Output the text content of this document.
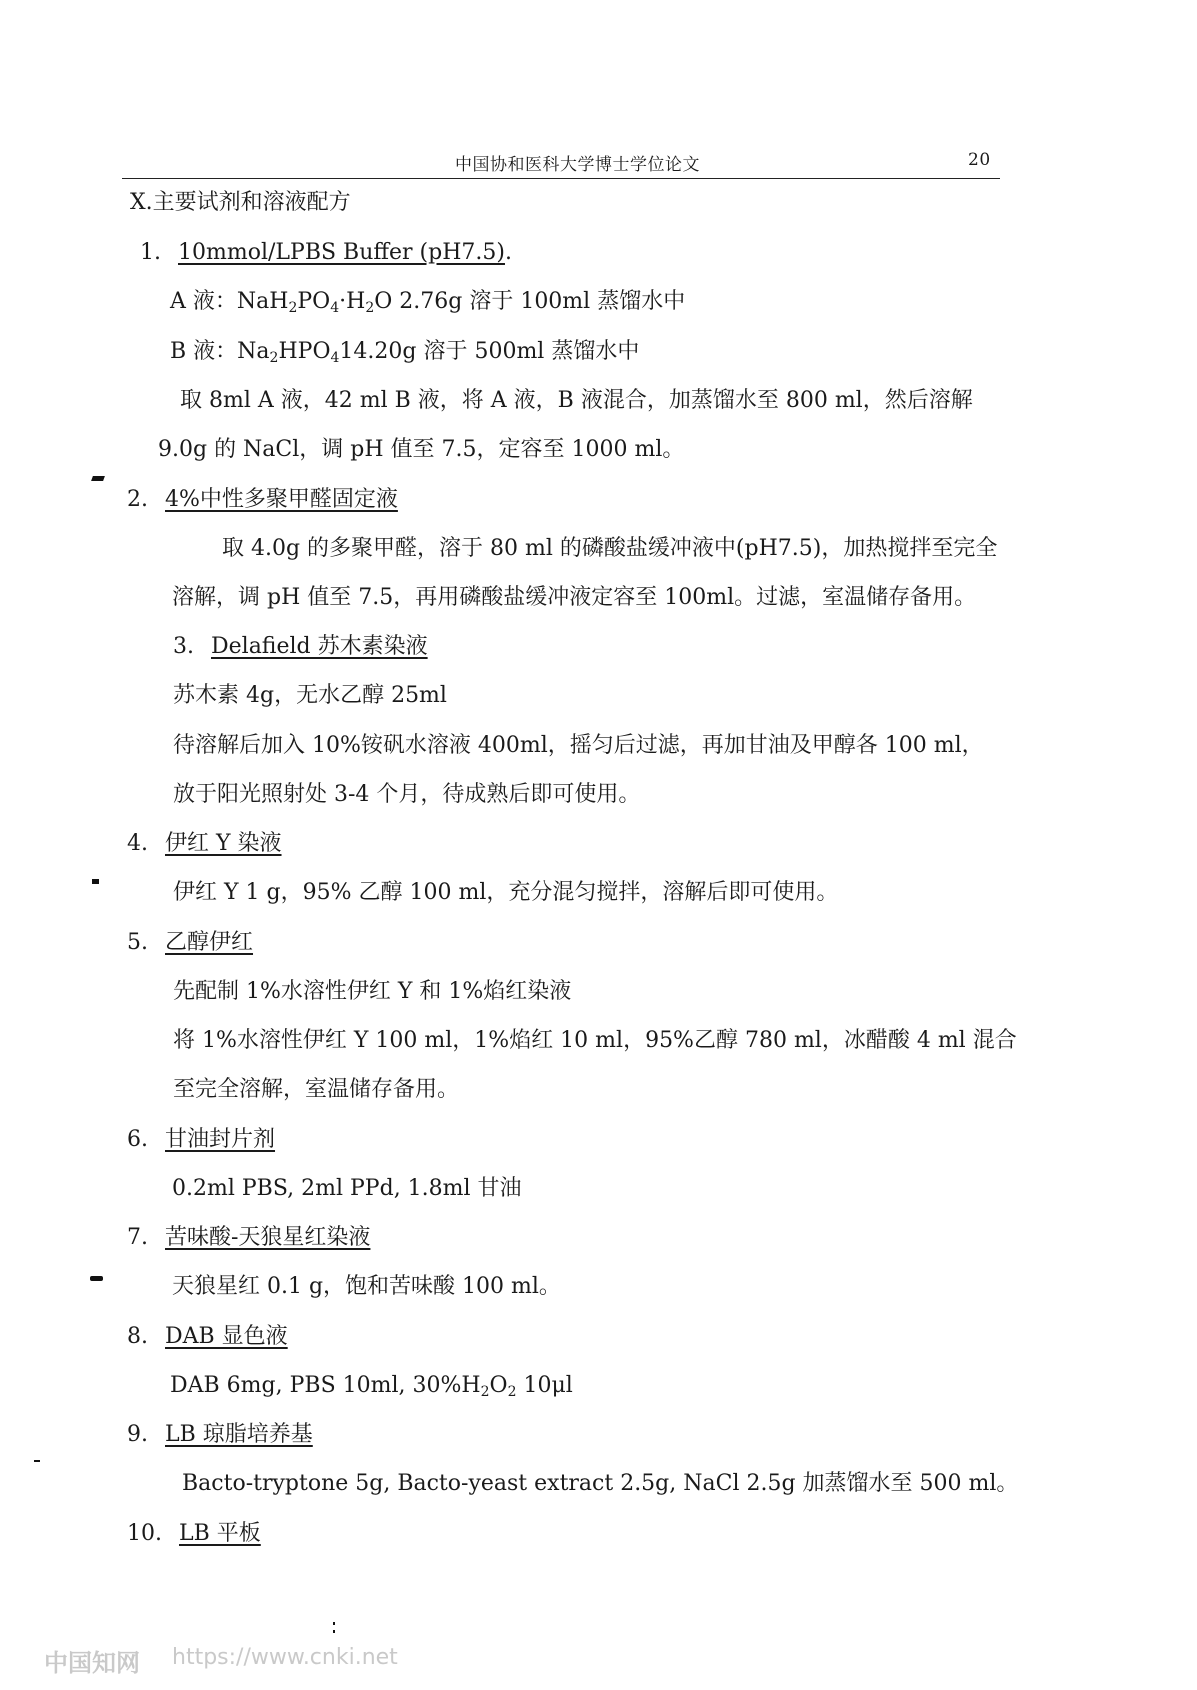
中国协和医科大学博士学位论文	20
X.主要试剂和溶液配方
1. 10mmol/LPBS Buffer (pH7.5).
A 液：$NaH_2PO_4\cdot H_2O$ 2.76g 溶于 100ml 蒸馏水中
B 液：$Na_2HPO_414.20g$ 溶于 500ml 蒸馏水中
取 8ml A 液，42 ml B 液，将 A 液，B 液混合，加蒸馏水至 800 ml，然后溶解
9.0g 的 NaCl，调 pH 值至 7.5，定容至 1000 ml。
2. 4%中性多聚甲醛固定液
取 4.0g 的多聚甲醛，溶于 80 ml 的磷酸盐缓冲液中(pH7.5)，加热搅拌至完全
溶解，调 pH 值至 7.5，再用磷酸盐缓冲液定容至 100ml。过滤，室温储存备用。
3. Delafield 苏木素染液
苏木素 4g，无水乙醇 25ml
待溶解后加入 10%铵矾水溶液 400ml，摇匀后过滤，再加甘油及甲醇各 100 ml，
放于阳光照射处 3-4 个月，待成熟后即可使用。
4. 伊红 Y 染液
伊红 Y 1 g，95% 乙醇 100 ml，充分混匀搅拌，溶解后即可使用。
5. 乙醇伊红
先配制 1%水溶性伊红 Y 和 1%焰红染液
将 1%水溶性伊红 Y 100 ml，1%焰红 10 ml，95%乙醇 780 ml，冰醋酸 4 ml 混合
至完全溶解，室温储存备用。
6. 甘油封片剂
0.2ml PBS, 2ml PPd, 1.8ml 甘油
7. 苦味酸-天狼星红染液
天狼星红 0.1 g，饱和苦味酸 100 ml。
8. DAB 显色液
DAB 6mg, PBS 10ml, $30\%H_2O_2$ 10μl
9. LB 琼脂培养基
Bacto-tryptone 5g, Bacto-yeast extract 2.5g, NaCl 2.5g 加蒸馏水至 500 ml。
10. LB 平板
中国知网 https://www.cnki.net
